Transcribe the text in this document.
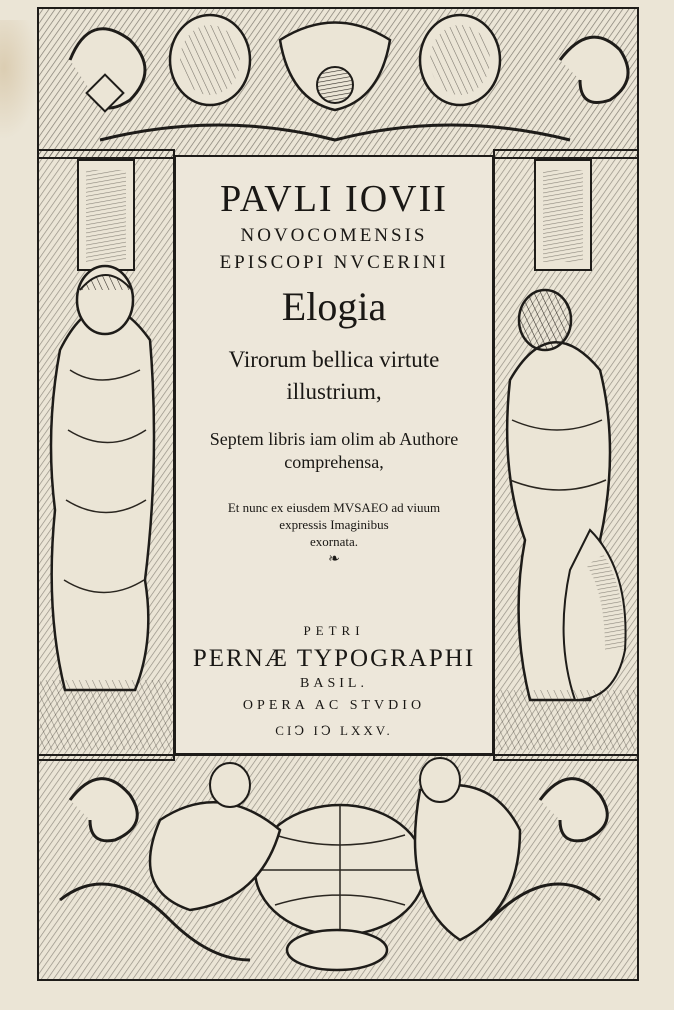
PAVLI IOVII
NOVOCOMENSIS
EPISCOPI NVCERINI
Elogia
Virorum bellica virtute
illustrium,
Septem libris iam olim ab Authore
comprehensa,
Et nunc ex eiusdem MVSAEO ad viuum
expressis Imaginibus
exornata.
❧
PETRI
PERNÆ TYPOGRAPHI
BASIL.
OPERA AC STVDIO
CIↃ IↃ LXXV.
